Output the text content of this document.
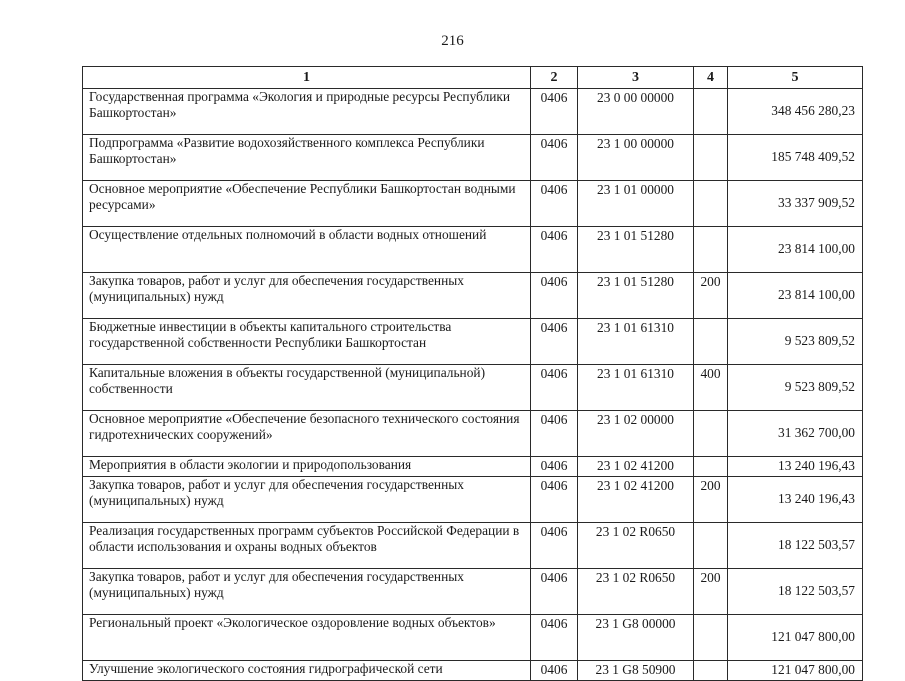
216
1	2	3	4	5
Государственная программа «Экология и природные ресурсы Республики Башкортостан»	0406	23 0 00 00000		348 456 280,23
Подпрограмма «Развитие водохозяйственного комплекса Республики Башкортостан»	0406	23 1 00 00000		185 748 409,52
Основное мероприятие «Обеспечение Республики Башкортостан водными ресурсами»	0406	23 1 01 00000		33 337 909,52
Осуществление отдельных полномочий в области водных отношений	0406	23 1 01 51280		23 814 100,00
Закупка товаров, работ и услуг для обеспечения государственных (муниципальных) нужд	0406	23 1 01 51280	200	23 814 100,00
Бюджетные инвестиции в объекты капитального строительства государственной собственности Республики Башкортостан	0406	23 1 01 61310		9 523 809,52
Капитальные вложения в объекты государственной (муниципальной) собственности	0406	23 1 01 61310	400	9 523 809,52
Основное мероприятие «Обеспечение безопасного технического состояния гидротехнических сооружений»	0406	23 1 02 00000		31 362 700,00
Мероприятия в области экологии и природопользования	0406	23 1 02 41200		13 240 196,43
Закупка товаров, работ и услуг для обеспечения государственных (муниципальных) нужд	0406	23 1 02 41200	200	13 240 196,43
Реализация государственных программ субъектов Российской Федерации в области использования и охраны водных объектов	0406	23 1 02 R0650		18 122 503,57
Закупка товаров, работ и услуг для обеспечения государственных (муниципальных) нужд	0406	23 1 02 R0650	200	18 122 503,57
Региональный проект «Экологическое оздоровление водных объектов»	0406	23 1 G8 00000		121 047 800,00
Улучшение экологического состояния гидрографической сети	0406	23 1 G8 50900		121 047 800,00
